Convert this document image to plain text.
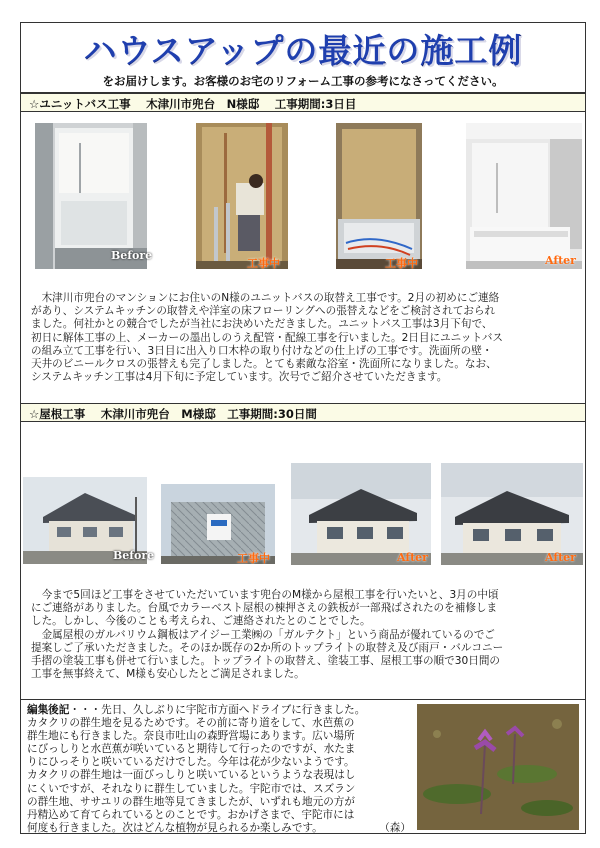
ハウスアップの最近の施工例
をお届けします。お客様のお宅のリフォーム工事の参考になさってください。
☆ユニットバス工事　 木津川市兜台　N様邸　 工事期間:3日目
Before
工事中	工事中	After

　木津川市兜台のマンションにお住いのN様のユニットバスの取替え工事です。2月の初めにご連絡

があり、システムキッチンの取替えや洋室の床フローリングへの張替えなどをご検討されておられ

ました。何社かとの競合でしたが当社にお決めいただきました。ユニットバス工事は3月下旬で、

初日に解体工事の上、メーカーの墨出しのうえ配管・配線工事を行いました。2日目にユニットバス

の組み立て工事を行い、3日目に出入り口木枠の取り付けなどの仕上げの工事です。洗面所の壁・

天井のビニールクロスの張替えも完了しました。とても素敵な浴室・洗面所になりました。なお、

システムキッチン工事は4月下旬に予定しています。次号でご紹介させていただきます。

☆屋根工事　 木津川市兜台　M様邸　工事期間:30日間
Before	工事中	After	After

　今まで5回ほど工事をさせていただいています兜台のM様から屋根工事を行いたいと、3月の中頃

にご連絡がありました。台風でカラーベスト屋根の棟押さえの鉄板が一部飛ばされたのを補修しま

した。しかし、今後のことも考えられ、ご連絡されたとのことでした。

　金属屋根のガルバリウム鋼板はアイジー工業㈱の「ガルテクト」という商品が優れているのでご

提案しご了承いただきました。そのほか既存の2か所のトップライトの取替え及び雨戸・バルコニー

手摺の塗装工事も併せて行いました。トップライトの取替え、塗装工事、屋根工事の順で30日間の

工事を無事終えて、M様も安心したとご満足されました。

編集後記・・・先日、久しぶりに宇陀市方面へドライブに行きました。

カタクリの群生地を見るためです。その前に寄り道をして、水芭蕉の

群生地にも行きました。奈良市吐山の森野営場にあります。広い場所

にびっしりと水芭蕉が咲いていると期待して行ったのですが、水たま

りにひっそりと咲いているだけでした。今年は花が少ないようです。

カタクリの群生地は一面びっしりと咲いているというような表現はし

にくいですが、それなりに群生していました。宇陀市では、スズラン

の群生地、ササユリの群生地等見てきましたが、いずれも地元の方が

丹精込めて育てられているとのことです。おかげさまで、宇陀市には

何度も行きました。次はどんな植物が見られるか楽しみです。	（森）
